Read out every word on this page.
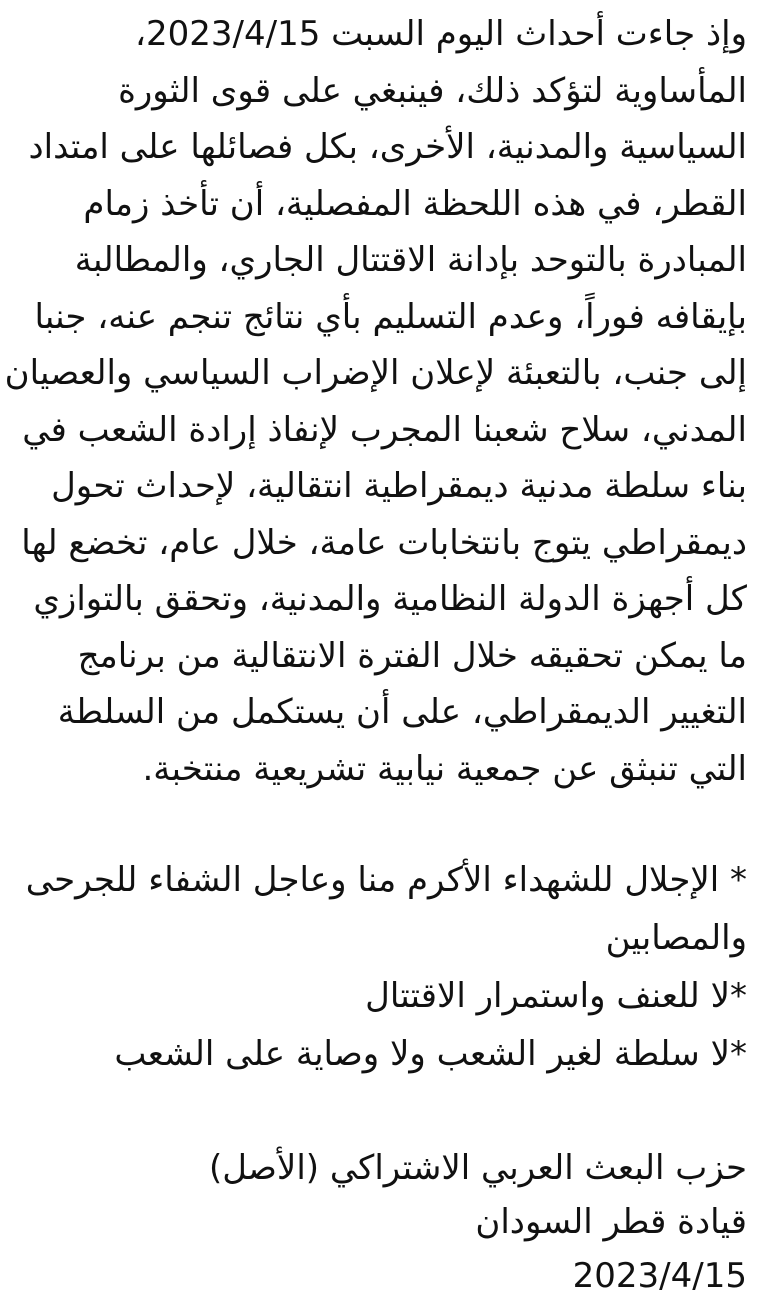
وإذ جاءت أحداث اليوم السبت 2023/4/15، المأساوية لتؤكد ذلك، فينبغي على قوى الثورة السياسية والمدنية، الأخرى، بكل فصائلها على امتداد القطر، في هذه اللحظة المفصلية، أن تأخذ زمام المبادرة بالتوحد بإدانة الاقتتال الجاري، والمطالبة بإيقافه فوراً، وعدم التسليم بأي نتائج تنجم عنه، جنبا إلى جنب، بالتعبئة لإعلان الإضراب السياسي والعصيان المدني، سلاح شعبنا المجرب لإنفاذ إرادة الشعب في بناء سلطة مدنية ديمقراطية انتقالية، لإحداث تحول ديمقراطي يتوج بانتخابات عامة، خلال عام، تخضع لها كل أجهزة الدولة النظامية والمدنية، وتحقق بالتوازي ما يمكن تحقيقه خلال الفترة الانتقالية من برنامج التغيير الديمقراطي، على أن يستكمل من السلطة التي تنبثق عن جمعية نيابية تشريعية منتخبة.

* الإجلال للشهداء الأكرم منا وعاجل الشفاء للجرحى والمصابين

*لا للعنف واستمرار الاقتتال

*لا سلطة لغير الشعب ولا وصاية على الشعب

حزب البعث العربي الاشتراكي (الأصل)

قيادة قطر السودان

2023/4/15
